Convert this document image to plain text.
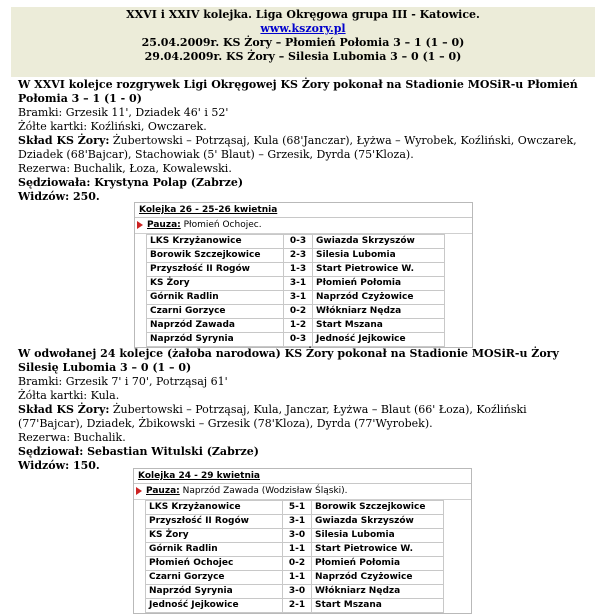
XXVI i XXIV kolejka. Liga Okręgowa grupa III - Katowice.
www.kszory.pl
25.04.2009r. KS Żory – Płomień Połomia 3 – 1 (1 – 0)
29.04.2009r. KS Żory – Silesia Lubomia 3 – 0 (1 – 0)

W XXVI kolejce rozgrywek Ligi Okręgowej KS Żory pokonał na Stadionie MOSiR-u Płomień Połomia 3 – 1 (1 - 0)

Bramki: Grzesik 11', Dziadek 46' i 52'

Żółte kartki: Koźliński, Owczarek.

Skład KS Żory: Żubertowski – Potrząsaj, Kula (68'Janczar), Łyżwa – Wyrobek, Koźliński, Owczarek, Dziadek (68'Bajcar), Stachowiak (5' Blaut) – Grzesik, Dyrda (75'Kloza).

Rezerwa: Buchalik, Łoza, Kowalewski.

Sędziowała: Krystyna Polap (Zabrze)

Widzów: 250.

Kolejka 26 - 25-26 kwietnia
Pauza: Płomień Ochojec.
LKS Krzyżanowice	0-3	Gwiazda Skrzyszów
Borowik Szczejkowice	2-3	Silesia Lubomia
Przyszłość II Rogów	1-3	Start Pietrowice W.
KS Żory	3-1	Płomień Połomia
Górnik Radlin	3-1	Naprzód Czyżowice
Czarni Gorzyce	0-2	Włókniarz Nędza
Naprzód Zawada	1-2	Start Mszana
Naprzód Syrynia	0-3	Jedność Jejkowice

W odwołanej 24 kolejce (żałoba narodowa) KS Żory pokonał na Stadionie MOSiR-u Żory Silesię Lubomia 3 – 0 (1 – 0)

Bramki: Grzesik 7' i 70', Potrząsaj 61'

Żółta kartki: Kula.

Skład KS Żory: Żubertowski – Potrząsaj, Kula, Janczar, Łyżwa – Blaut (66' Łoza), Koźliński (77'Bajcar), Dziadek, Żbikowski – Grzesik (78'Kloza), Dyrda (77'Wyrobek).

Rezerwa: Buchalik.

Sędziował: Sebastian Witulski (Zabrze)

Widzów: 150.

Kolejka 24 - 29 kwietnia
Pauza: Naprzód Zawada (Wodzisław Śląski).
LKS Krzyżanowice	5-1	Borowik Szczejkowice
Przyszłość II Rogów	3-1	Gwiazda Skrzyszów
KS Żory	3-0	Silesia Lubomia
Górnik Radlin	1-1	Start Pietrowice W.
Płomień Ochojec	0-2	Płomień Połomia
Czarni Gorzyce	1-1	Naprzód Czyżowice
Naprzód Syrynia	3-0	Włókniarz Nędza
Jedność Jejkowice	2-1	Start Mszana
